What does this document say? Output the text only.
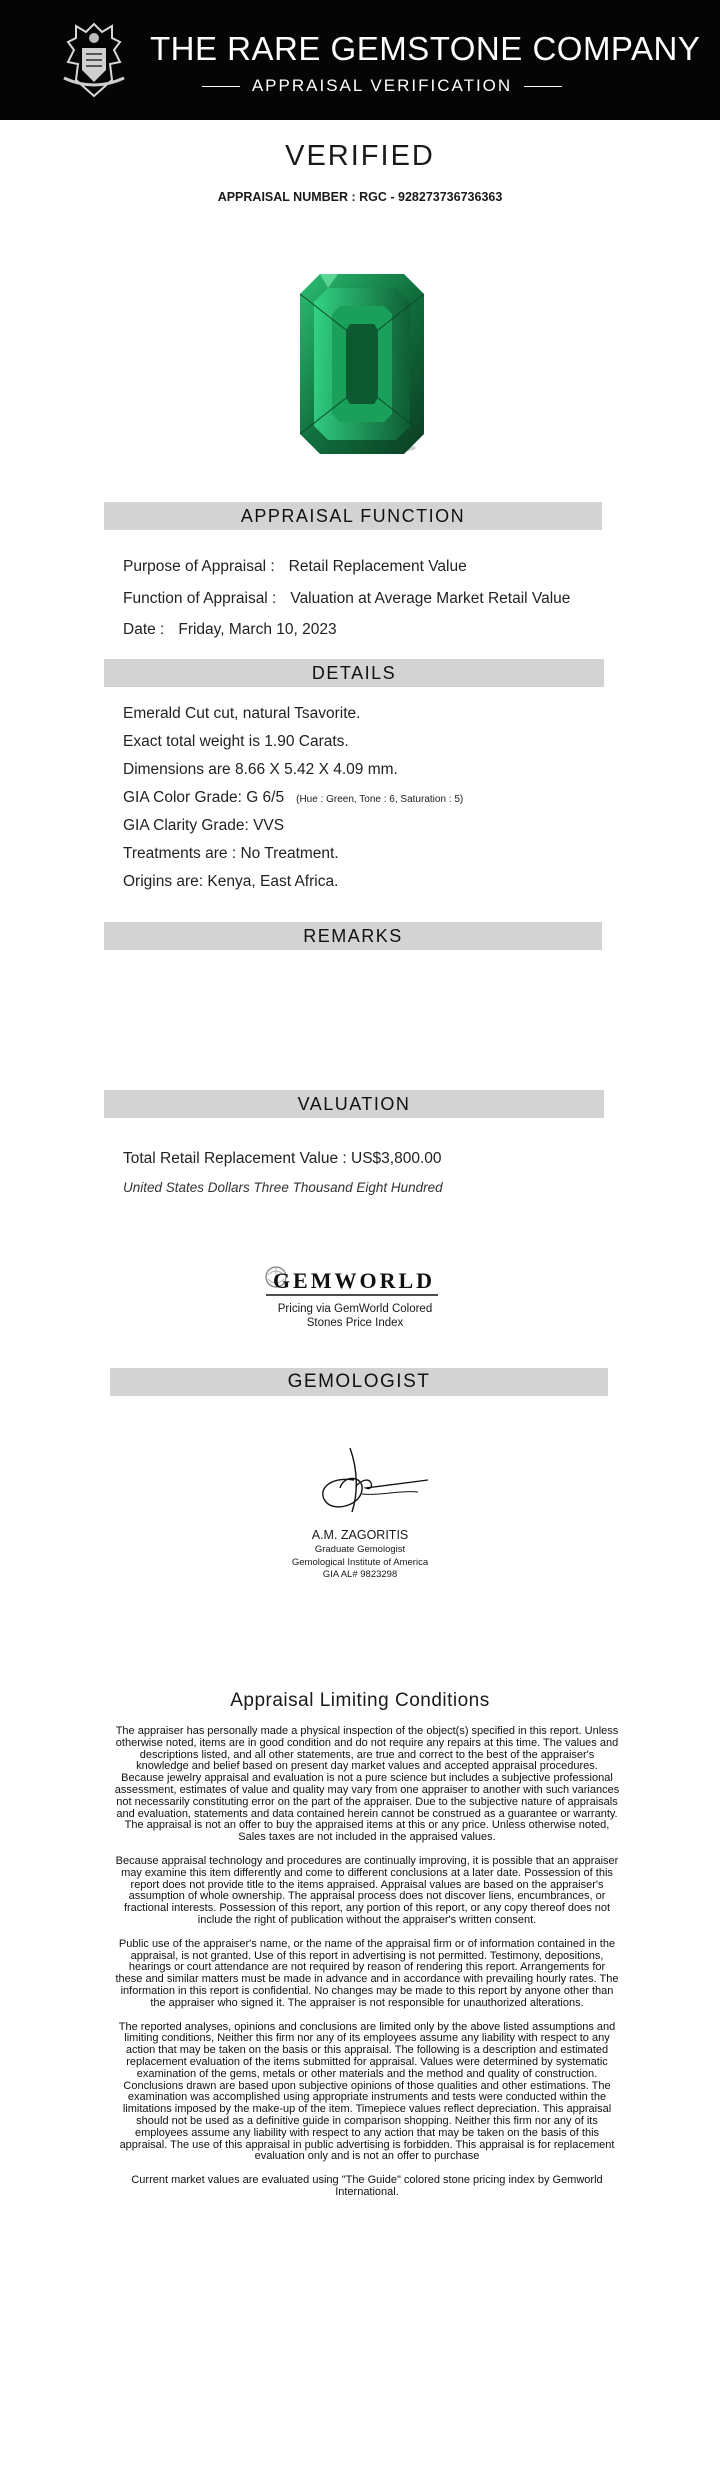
THE RARE GEMSTONE COMPANY
APPRAISAL VERIFICATION
VERIFIED
APPRAISAL NUMBER : RGC - 928273736736363
APPRAISAL FUNCTION
Purpose of Appraisal : Retail Replacement Value
Function of Appraisal : Valuation at Average Market Retail Value
Date : Friday, March 10, 2023
DETAILS
Emerald Cut cut, natural Tsavorite.
Exact total weight is 1.90 Carats.
Dimensions are 8.66 X 5.42 X 4.09 mm.
GIA Color Grade: G 6/5 (Hue : Green, Tone : 6, Saturation : 5)
GIA Clarity Grade: VVS
Treatments are : No Treatment.
Origins are: Kenya, East Africa.
REMARKS
VALUATION
Total Retail Replacement Value : US$3,800.00
United States Dollars Three Thousand Eight Hundred
GEMWORLD
Pricing via GemWorld Colored
Stones Price Index
GEMOLOGIST
A.M. ZAGORITIS
Graduate Gemologist
Gemological Institute of America
GIA AL# 9823298
Appraisal Limiting Conditions

The appraiser has personally made a physical inspection of the object(s) specified in this report. Unless otherwise noted, items are in good condition and do not require any repairs at this time. The values and descriptions listed, and all other statements, are true and correct to the best of the appraiser's knowledge and belief based on present day market values and accepted appraisal procedures. Because jewelry appraisal and evaluation is not a pure science but includes a subjective professional assessment, estimates of value and quality may vary from one appraiser to another with such variances not necessarily constituting error on the part of the appraiser. Due to the subjective nature of appraisals and evaluation, statements and data contained herein cannot be construed as a guarantee or warranty. The appraisal is not an offer to buy the appraised items at this or any price. Unless otherwise noted, Sales taxes are not included in the appraised values.

Because appraisal technology and procedures are continually improving, it is possible that an appraiser may examine this item differently and come to different conclusions at a later date. Possession of this report does not provide title to the items appraised. Appraisal values are based on the appraiser's assumption of whole ownership. The appraisal process does not discover liens, encumbrances, or fractional interests. Possession of this report, any portion of this report, or any copy thereof does not include the right of publication without the appraiser's written consent.

Public use of the appraiser's name, or the name of the appraisal firm or of information contained in the appraisal, is not granted. Use of this report in advertising is not permitted. Testimony, depositions, hearings or court attendance are not required by reason of rendering this report. Arrangements for these and similar matters must be made in advance and in accordance with prevailing hourly rates. The information in this report is confidential. No changes may be made to this report by anyone other than the appraiser who signed it. The appraiser is not responsible for unauthorized alterations.

The reported analyses, opinions and conclusions are limited only by the above listed assumptions and limiting conditions, Neither this firm nor any of its employees assume any liability with respect to any action that may be taken on the basis or this appraisal. The following is a description and estimated replacement evaluation of the items submitted for appraisal. Values were determined by systematic examination of the gems, metals or other materials and the method and quality of construction. Conclusions drawn are based upon subjective opinions of those qualities and other estimations. The examination was accomplished using appropriate instruments and tests were conducted within the limitations imposed by the make-up of the item. Timepiece values reflect depreciation. This appraisal should not be used as a definitive guide in comparison shopping. Neither this firm nor any of its employees assume any liability with respect to any action that may be taken on the basis of this appraisal. The use of this appraisal in public advertising is forbidden. This appraisal is for replacement evaluation only and is not an offer to purchase

Current market values are evaluated using "The Guide" colored stone pricing index by Gemworld International.
